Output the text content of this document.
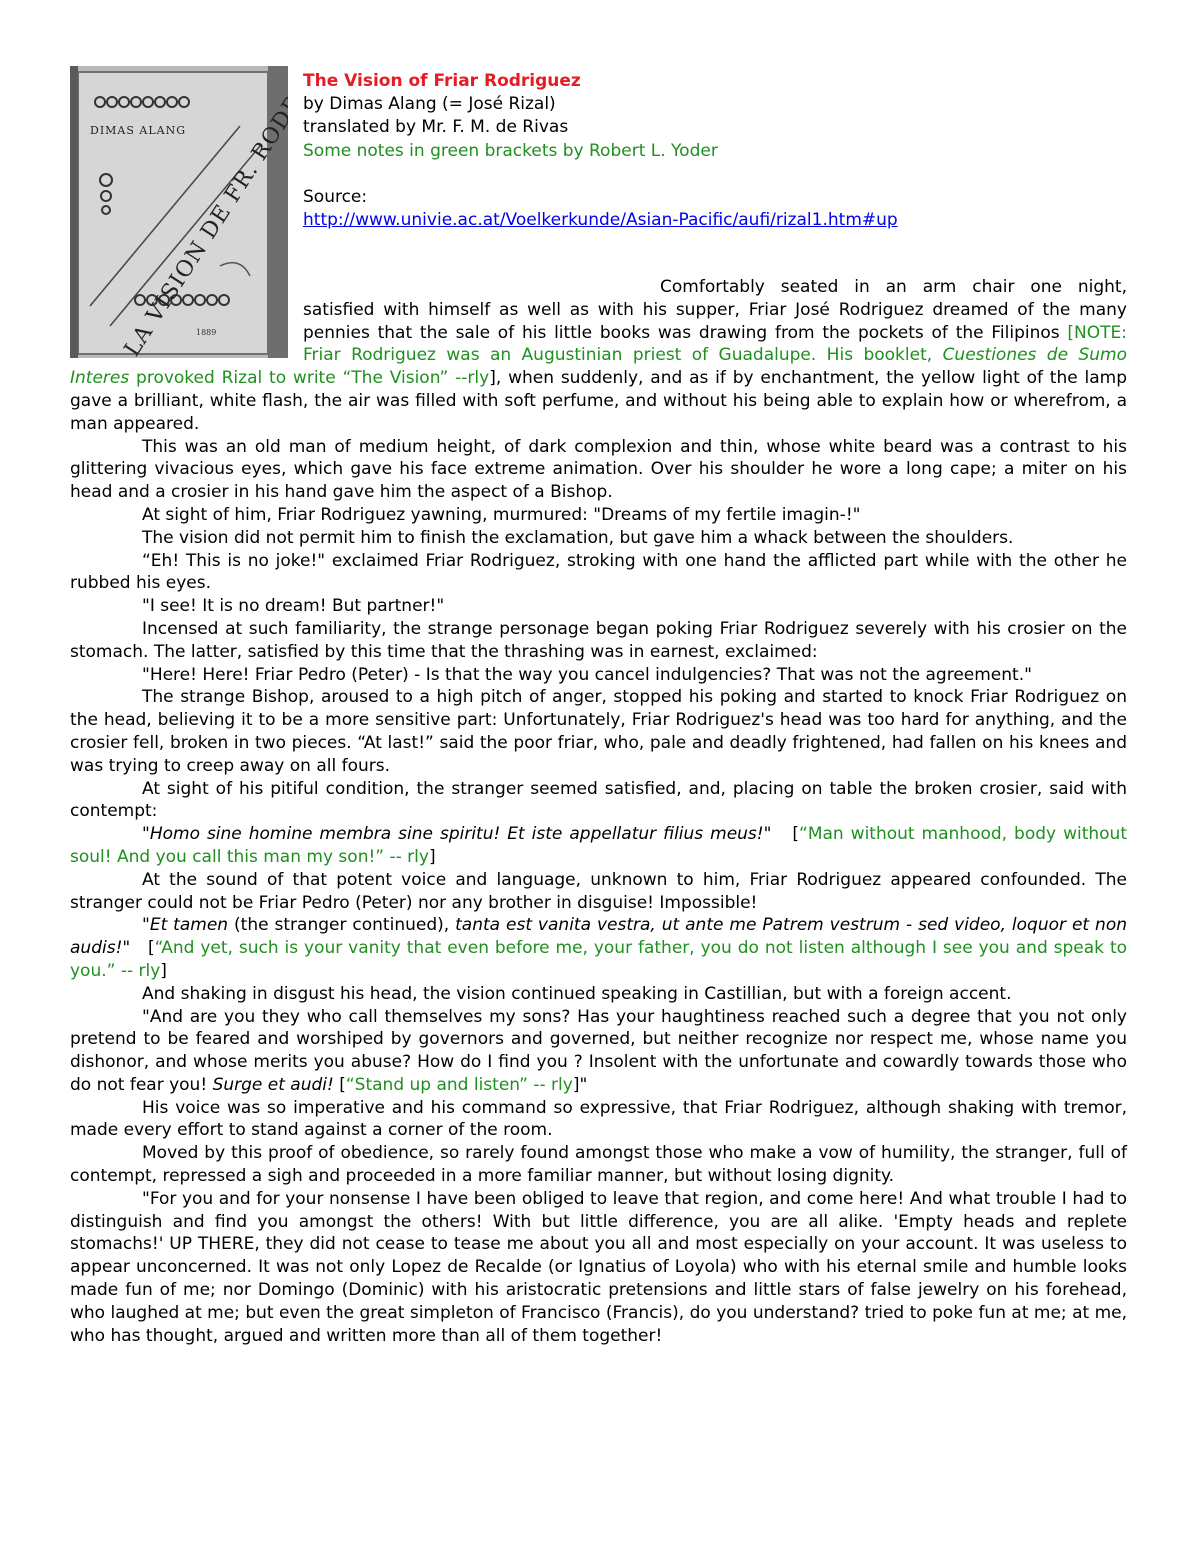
DIMAS ALANG
LA VISION DE FR.
1889
The Vision of Friar Rodriguez
by Dimas Alang (= José Rizal)
translated by Mr. F. M. de Rivas
Some notes in green brackets by Robert L. Yoder
Source:
http://www.univie.ac.at/Voelkerkunde/Asian-Pacific/aufi/rizal1.htm#up

Comfortably seated in an arm chair one night, satisfied with himself as well as with his supper, Friar José Rodriguez dreamed of the many pennies that the sale of his little books was drawing from the pockets of the Filipinos [NOTE: Friar Rodriguez was an Augustinian priest of Guadalupe. His booklet, Cuestiones de Sumo Interes provoked Rizal to write “The Vision” --rly], when suddenly, and as if by enchantment, the yellow light of the lamp gave a brilliant, white flash, the air was filled with soft perfume, and without his being able to explain how or wherefrom, a man appeared.

This was an old man of medium height, of dark complexion and thin, whose white beard was a contrast to his glittering vivacious eyes, which gave his face extreme animation. Over his shoulder he wore a long cape; a miter on his head and a crosier in his hand gave him the aspect of a Bishop.

At sight of him, Friar Rodriguez yawning, murmured: "Dreams of my fertile imagin-!"

The vision did not permit him to finish the exclamation, but gave him a whack between the shoulders.

“Eh! This is no joke!" exclaimed Friar Rodriguez, stroking with one hand the afflicted part while with the other he rubbed his eyes.

"I see! It is no dream! But partner!"

Incensed at such familiarity, the strange personage began poking Friar Rodriguez severely with his crosier on the stomach. The latter, satisfied by this time that the thrashing was in earnest, exclaimed:

"Here! Here! Friar Pedro (Peter) - Is that the way you cancel indulgencies? That was not the agreement."

The strange Bishop, aroused to a high pitch of anger, stopped his poking and started to knock Friar Rodriguez on the head, believing it to be a more sensitive part: Unfortunately, Friar Rodriguez's head was too hard for anything, and the crosier fell, broken in two pieces. “At last!” said the poor friar, who, pale and deadly frightened, had fallen on his knees and was trying to creep away on all fours.

At sight of his pitiful condition, the stranger seemed satisfied, and, placing on table the broken crosier, said with contempt:

"Homo sine homine membra sine spiritu! Et iste appellatur filius meus!"   [“Man without manhood, body without soul! And you call this man my son!” -- rly]

At the sound of that potent voice and language, unknown to him, Friar Rodriguez appeared confounded. The stranger could not be Friar Pedro (Peter) nor any brother in disguise! Impossible!

"Et tamen (the stranger continued), tanta est vanita vestra, ut ante me Patrem vestrum - sed video, loquor et non audis!"   [“And yet, such is your vanity that even before me, your father, you do not listen although I see you and speak to you.” -- rly]

And shaking in disgust his head, the vision continued speaking in Castillian, but with a foreign accent.

"And are you they who call themselves my sons? Has your haughtiness reached such a degree that you not only pretend to be feared and worshiped by governors and governed, but neither recognize nor respect me, whose name you dishonor, and whose merits you abuse? How do I find you ? Insolent with the unfortunate and cowardly towards those who do not fear you! Surge et audi! [“Stand up and listen” -- rly]"

His voice was so imperative and his command so expressive, that Friar Rodriguez, although shaking with tremor, made every effort to stand against a corner of the room.

Moved by this proof of obedience, so rarely found amongst those who make a vow of humility, the stranger, full of contempt, repressed a sigh and proceeded in a more familiar manner, but without losing dignity.

"For you and for your nonsense I have been obliged to leave that region, and come here! And what trouble I had to distinguish and find you amongst the others! With but little difference, you are all alike. 'Empty heads and replete stomachs!' UP THERE, they did not cease to tease me about you all and most especially on your account. It was useless to appear unconcerned. It was not only Lopez de Recalde (or Ignatius of Loyola) who with his eternal smile and humble looks made fun of me; nor Domingo (Dominic) with his aristocratic pretensions and little stars of false jewelry on his forehead, who laughed at me; but even the great simpleton of Francisco (Francis), do you understand? tried to poke fun at me; at me, who has thought, argued and written more than all of them together!
